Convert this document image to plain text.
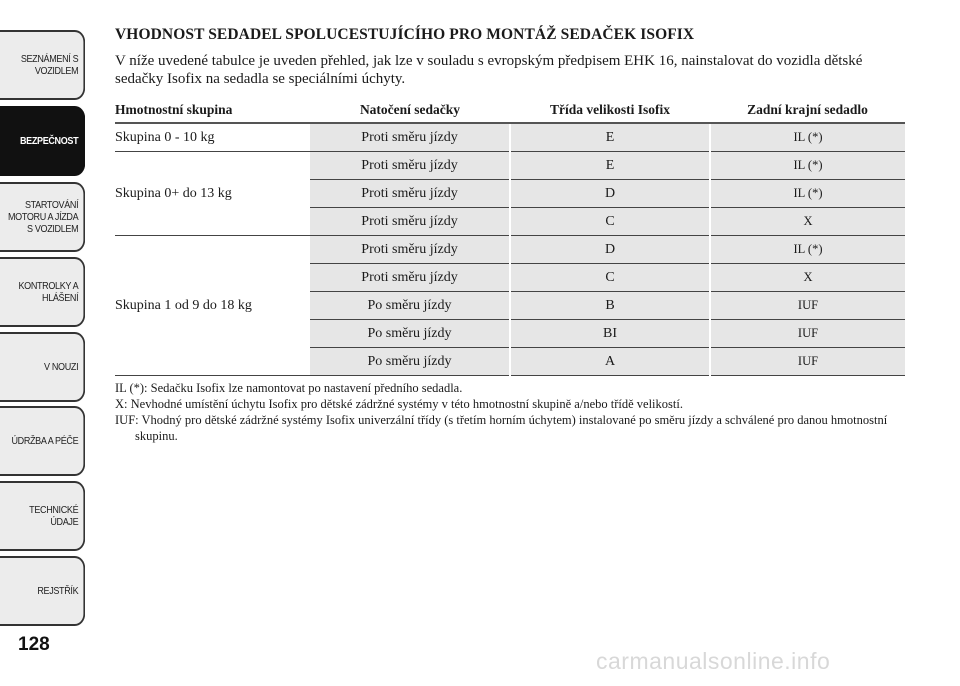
SEZNÁMENÍ S
VOZIDLEM
BEZPEČNOST
STARTOVÁNÍ
MOTORU A JÍZDA
S VOZIDLEM
KONTROLKY A
HLÁŠENÍ
V NOUZI
ÚDRŽBA A PÉČE
TECHNICKÉ
ÚDAJE
REJSTŘÍK
128
VHODNOST SEDADEL SPOLUCESTUJÍCÍHO PRO MONTÁŽ SEDAČEK ISOFIX

V níže uvedené tabulce je uveden přehled, jak lze v souladu s evropským předpisem EHK 16, nainstalovat do vozidla dětské sedačky Isofix na sedadla se speciálními úchyty.

Hmotnostní skupina	Natočení sedačky	Třída velikosti Isofix	Zadní krajní sedadlo
Skupina 0 - 10 kg	Proti směru jízdy	E	IL (*)
Skupina 0+ do 13 kg	Proti směru jízdy	E	IL (*)
	Proti směru jízdy	D	IL (*)
	Proti směru jízdy	C	X
Skupina 1 od 9 do 18 kg	Proti směru jízdy	D	IL (*)
	Proti směru jízdy	C	X
	Po směru jízdy	B	IUF
	Po směru jízdy	BI	IUF
	Po směru jízdy	A	IUF

IL (*): Sedačku Isofix lze namontovat po nastavení předního sedadla.

X: Nevhodné umístění úchytu Isofix pro dětské zádržné systémy v této hmotnostní skupině a/nebo třídě velikostí.

IUF: Vhodný pro dětské zádržné systémy Isofix univerzální třídy (s třetím horním úchytem) instalované po směru jízdy a schválené pro danou hmotnostní skupinu.

carmanualsonline.info
